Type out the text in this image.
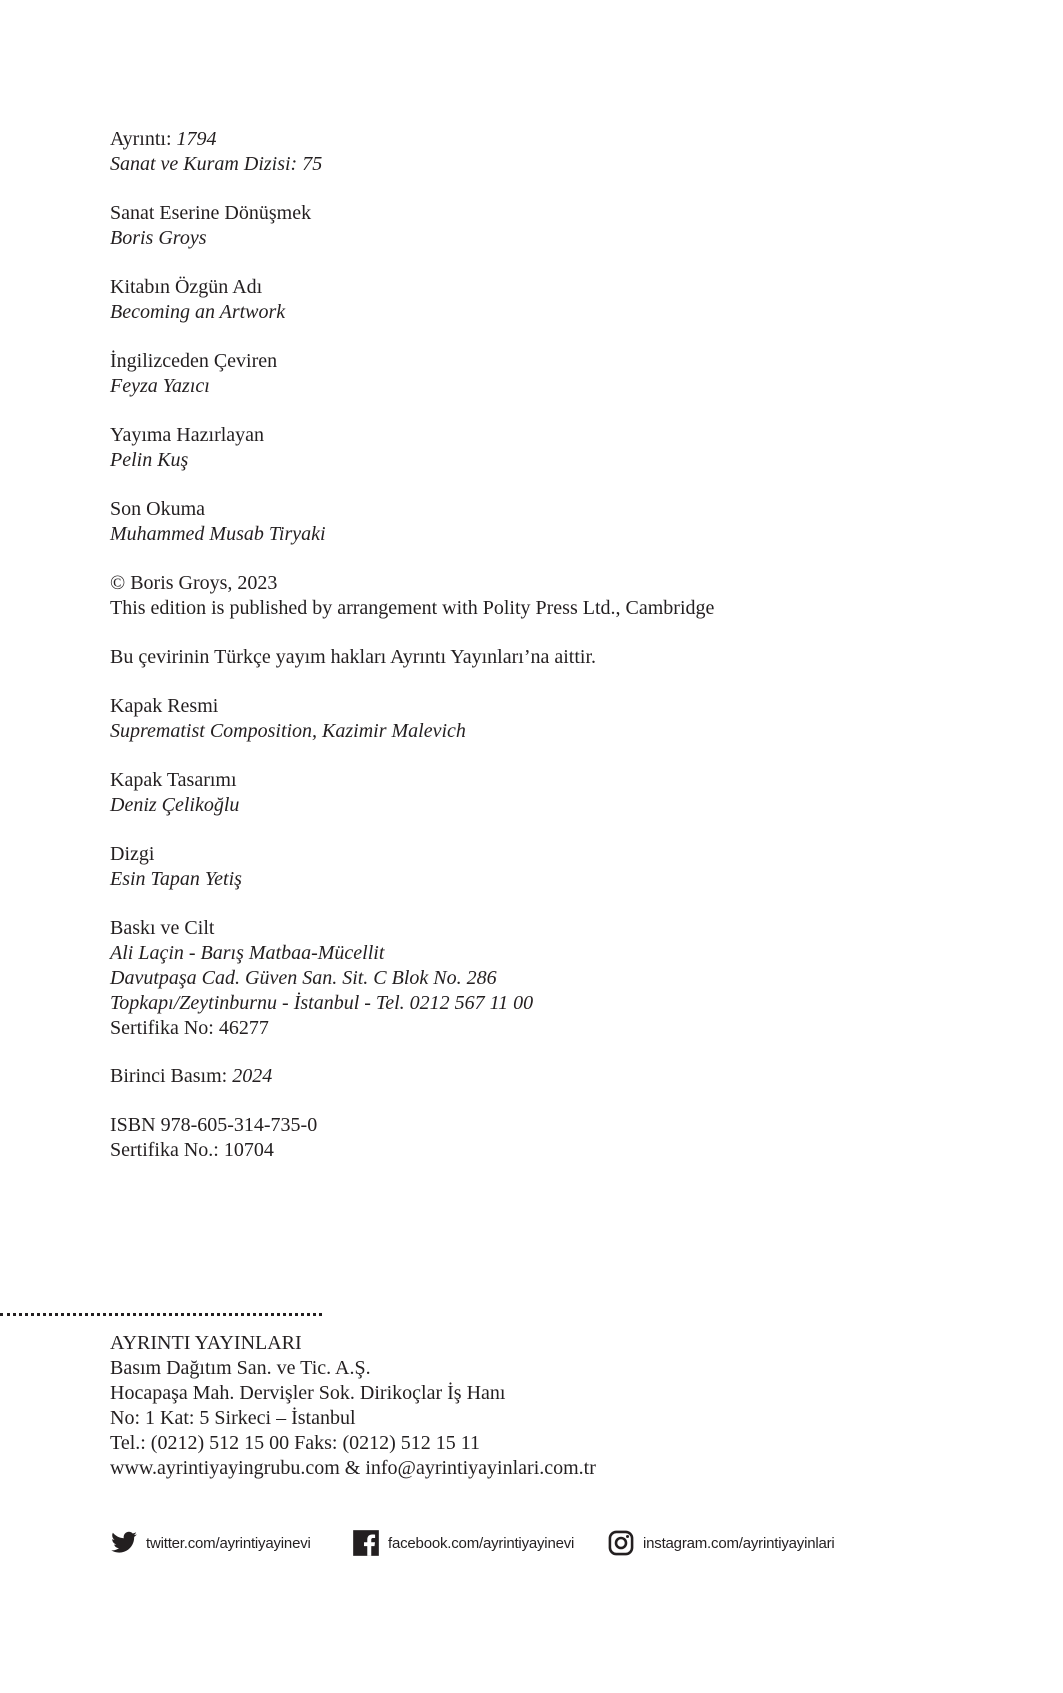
Ayrıntı: 1794
Sanat ve Kuram Dizisi: 75
Sanat Eserine Dönüşmek
Boris Groys
Kitabın Özgün Adı
Becoming an Artwork
İngilizceden Çeviren
Feyza Yazıcı
Yayıma Hazırlayan
Pelin Kuş
Son Okuma
Muhammed Musab Tiryaki
© Boris Groys, 2023
This edition is published by arrangement with Polity Press Ltd., Cambridge
Bu çevirinin Türkçe yayım hakları Ayrıntı Yayınları’na aittir.
Kapak Resmi
Suprematist Composition, Kazimir Malevich
Kapak Tasarımı
Deniz Çelikoğlu
Dizgi
Esin Tapan Yetiş
Baskı ve Cilt
Ali Laçin - Barış Matbaa-Mücellit
Davutpaşa Cad. Güven San. Sit. C Blok No. 286
Topkapı/Zeytinburnu - İstanbul - Tel. 0212 567 11 00
Sertifika No: 46277
Birinci Basım: 2024
ISBN 978-605-314-735-0
Sertifika No.: 10704
AYRINTI YAYINLARI
Basım Dağıtım San. ve Tic. A.Ş.
Hocapaşa Mah. Dervişler Sok. Dirikoçlar İş Hanı
No: 1 Kat: 5 Sirkeci – İstanbul
Tel.: (0212) 512 15 00 Faks: (0212) 512 15 11
www.ayrintiyayingrubu.com & info@ayrintiyayinlari.com.tr
twitter.com/ayrintiyayinevi	facebook.com/ayrintiyayinevi	instagram.com/ayrintiyayinlari
